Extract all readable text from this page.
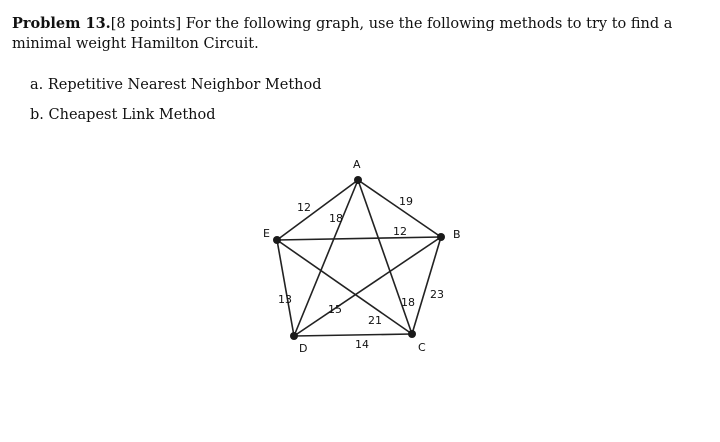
Problem 13.[8 points] For the following graph, use the following methods to try to find a minimal weight Hamilton Circuit.
a. Repetitive Nearest Neighbor Method
b. Cheapest Link Method
A
B
C
D
E
12
18
19
12
23
13
15
18
21
14
